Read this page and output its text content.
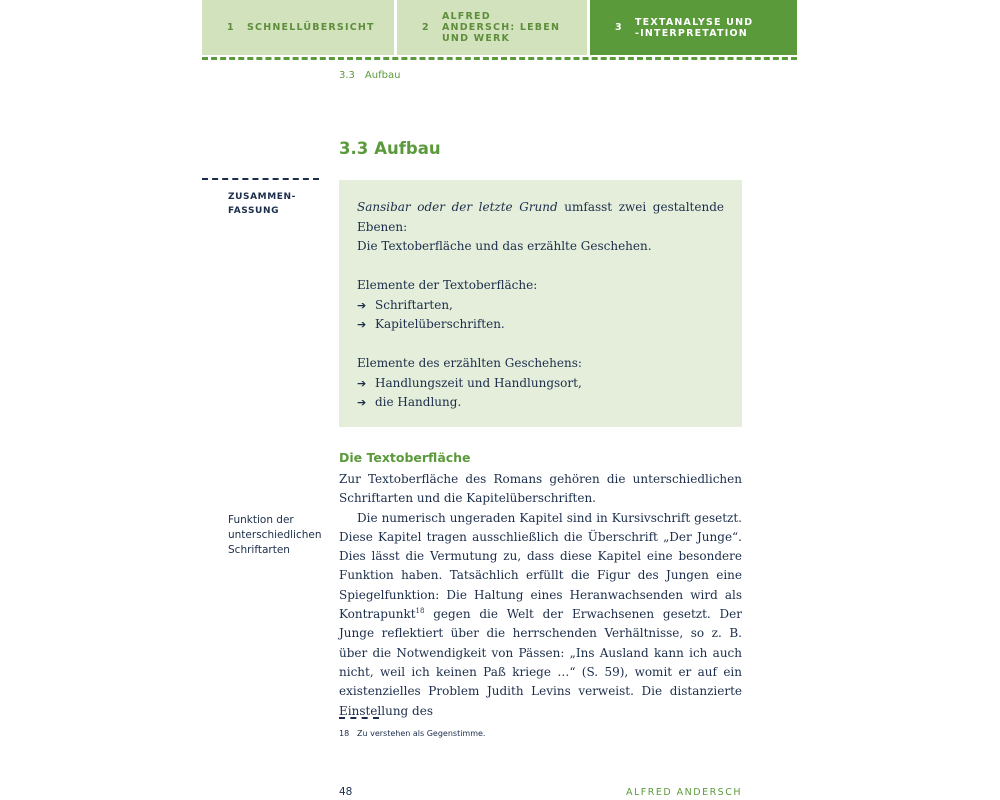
1	SCHNELLÜBERSICHT	2
ALFRED ANDERSCH: LEBEN UND WERK
3	TEXTANALYSE UND -INTERPRETATION
3.3 Aufbau
3.3 Aufbau
ZUSAMMEN-
FASSUNG	Sansibar oder der letzte Grund umfasst zwei gestaltende Ebenen:

Die Textoberfläche und das erzählte Geschehen.

Elemente der Textoberfläche:

➔ Schriftarten,

➔ Kapitelüberschriften.

Elemente des erzählten Geschehens:

➔ Handlungszeit und Handlungsort,

➔ die Handlung.

Die Textoberfläche
Funktion der
unterschiedlichen
Schriftarten

Zur Textoberfläche des Romans gehören die unterschiedlichen Schriftarten und die Kapitelüberschriften.

Die numerisch ungeraden Kapitel sind in Kursivschrift gesetzt. Diese Kapitel tragen ausschließlich die Überschrift „Der Junge“. Dies lässt die Vermutung zu, dass diese Kapitel eine besondere Funktion haben. Tatsächlich erfüllt die Figur des Jungen eine Spiegelfunktion: Die Haltung eines Heranwachsenden wird als Kontrapunkt$^{18}$ gegen die Welt der Erwachsenen gesetzt. Der Junge reflektiert über die herrschenden Verhältnisse, so z. B. über die Notwendigkeit von Pässen: „Ins Ausland kann ich auch nicht, weil ich keinen Paß kriege …“ (S. 59), womit er auf ein existenzielles Problem Judith Levins verweist. Die distanzierte Einstellung des

18 Zu verstehen als Gegenstimme.
48	ALFRED ANDERSCH
